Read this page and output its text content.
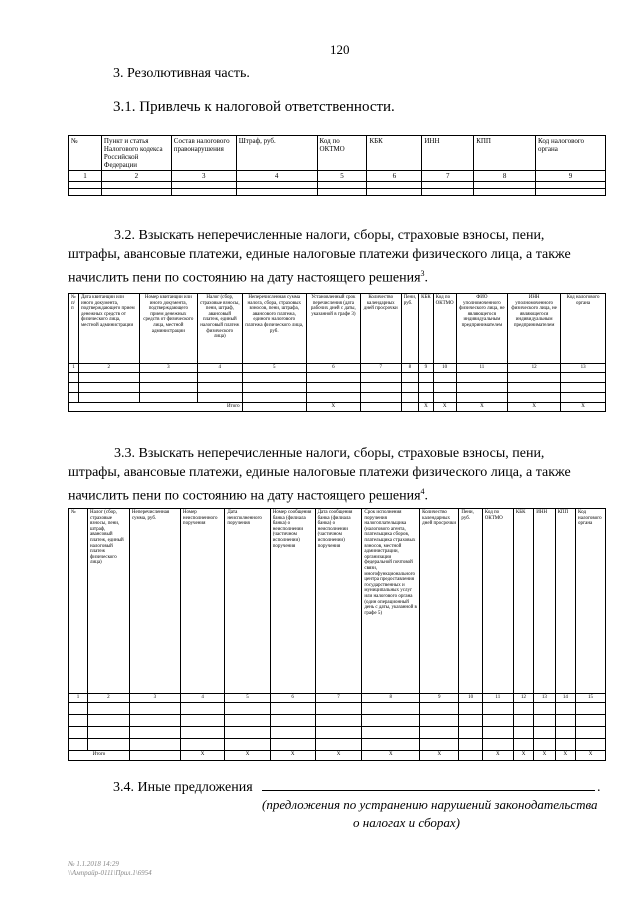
120
3. Резолютивная часть.
3.1. Привлечь к налоговой ответственности.
№	Пункт и статья Налогового кодекса Российской Федерации	Состав налогового правонарушения	Штраф, руб.	Код по ОКТМО	КБК	ИНН	КПП	Код налогового органа
1	2	3	4	5	6	7	8	9

3.2. Взыскать неперечисленные налоги, сборы, страховые взносы, пени,
штрафы, авансовые платежи, единые налоговые платежи физического лица, а также
начислить пени по состоянию на дату настоящего решения$^3$.
№ п/п	Дата квитанции или иного документа, подтверждающего прием денежных средств от физического лица, местной администрации	Номер квитанции или иного документа, подтверждающего прием денежных средств от физического лица, местной администрации	Налог (сбор, страховые взносы, пени, штраф, авансовый платеж, единый налоговый платеж физического лица)	Неперечисленная сумма налога, сбора, страховых взносов, пени, штрафа, авансового платежа, единого налогового платежа физического лица, руб.	Установленный срок перечисления (дата рабочих дней с даты, указанной в графе 3)	Количество календарных дней просрочки	Пени, руб.	КБК	Код по ОКТМО	ФИО уполномоченного физического лица, не являющегося индивидуальным предпринимателем	ИНН уполномоченного физического лица, не являющегося индивидуальным предпринимателем	Код налогового органа
1	2	3	4	5	6	7	8	9	10	11	12	13

Итого					X			X	X	X	X	X
3.3. Взыскать неперечисленные налоги, сборы, страховые взносы, пени,
штрафы, авансовые платежи, единые налоговые платежи физического лица, а также
начислить пени по состоянию на дату настоящего решения$^4$.
№	Налог (сбор, страховые взносы, пени, штраф, авансовый платеж, единый налоговый платеж физического лица)	Неперечисленная сумма, руб.	Номер неисполненного поручения	Дата неисполненного поручения	Номер сообщения банка (филиала банка) о неисполнении (частичном исполнении) поручения	Дата сообщения банка (филиала банка) о неисполнении (частичном исполнении) поручения	Срок исполнения поручения налогоплательщика (налогового агента, плательщика сборов, плательщика страховых взносов, местной администрации, организации федеральной почтовой связи, многофункционального центра предоставления государственных и муниципальных услуг или налогового органа (один операционный день с даты, указанной в графе 5)	Количество календарных дней просрочки	Пени, руб.	Код по ОКТМО	КБК	ИНН	КПП	Код налогового органа
1	2	3	4	5	6	7	8	9	10	11	12	13	14	15

Итого			X	X	X	X	X	X		X	X	X	X	X
3.4. Иные предложения	.
(предложения по устранению нарушений законодательства
о налогах и сборах)
№ 1.1.2018 14:29
\\Ампрайр-0111\Прил.1\6954
